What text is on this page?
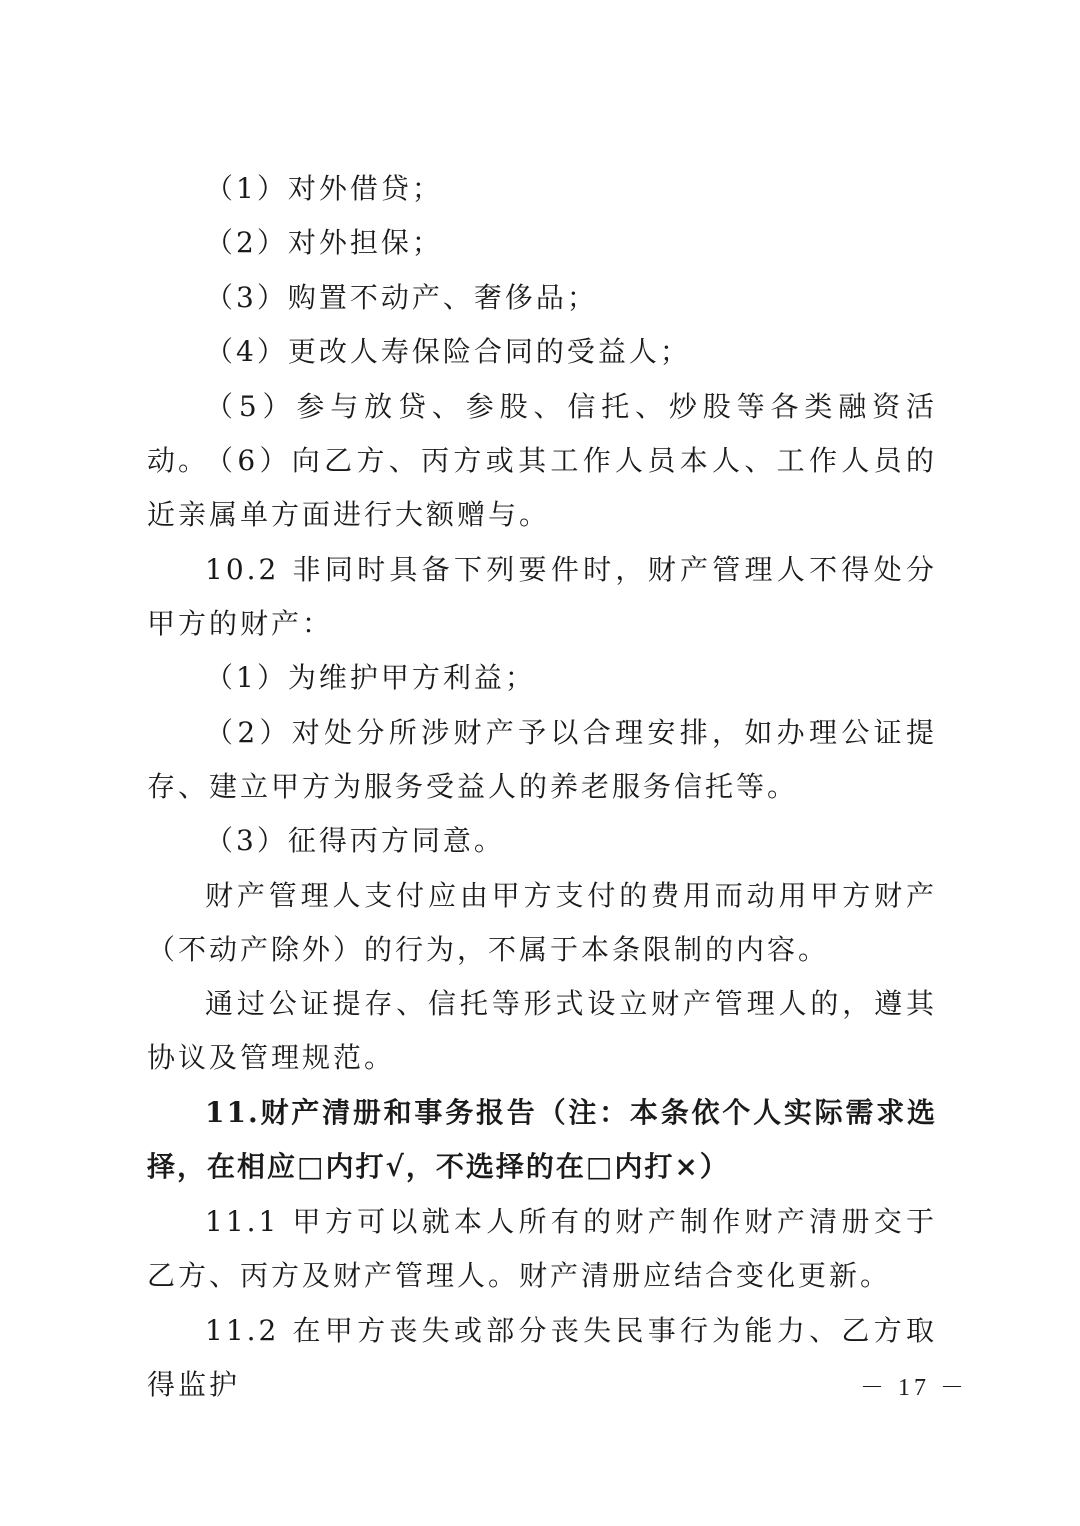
（1）对外借贷；

（2）对外担保；

（3）购置不动产、奢侈品；

（4）更改人寿保险合同的受益人；

（5）参与放贷、参股、信托、炒股等各类融资活动。

（6）向乙方、丙方或其工作人员本人、工作人员的近亲属单方面进行大额赠与。

10.2 非同时具备下列要件时，财产管理人不得处分甲方的财产：

（1）为维护甲方利益；

（2）对处分所涉财产予以合理安排，如办理公证提存、建立甲方为服务受益人的养老服务信托等。

（3）征得丙方同意。

财产管理人支付应由甲方支付的费用而动用甲方财产（不动产除外）的行为，不属于本条限制的内容。

通过公证提存、信托等形式设立财产管理人的，遵其协议及管理规范。

11.财产清册和事务报告（注：本条依个人实际需求选择，在相应□内打√，不选择的在□内打×）

11.1 甲方可以就本人所有的财产制作财产清册交于乙方、丙方及财产管理人。财产清册应结合变化更新。

11.2 在甲方丧失或部分丧失民事行为能力、乙方取得监护	－ 17 －
